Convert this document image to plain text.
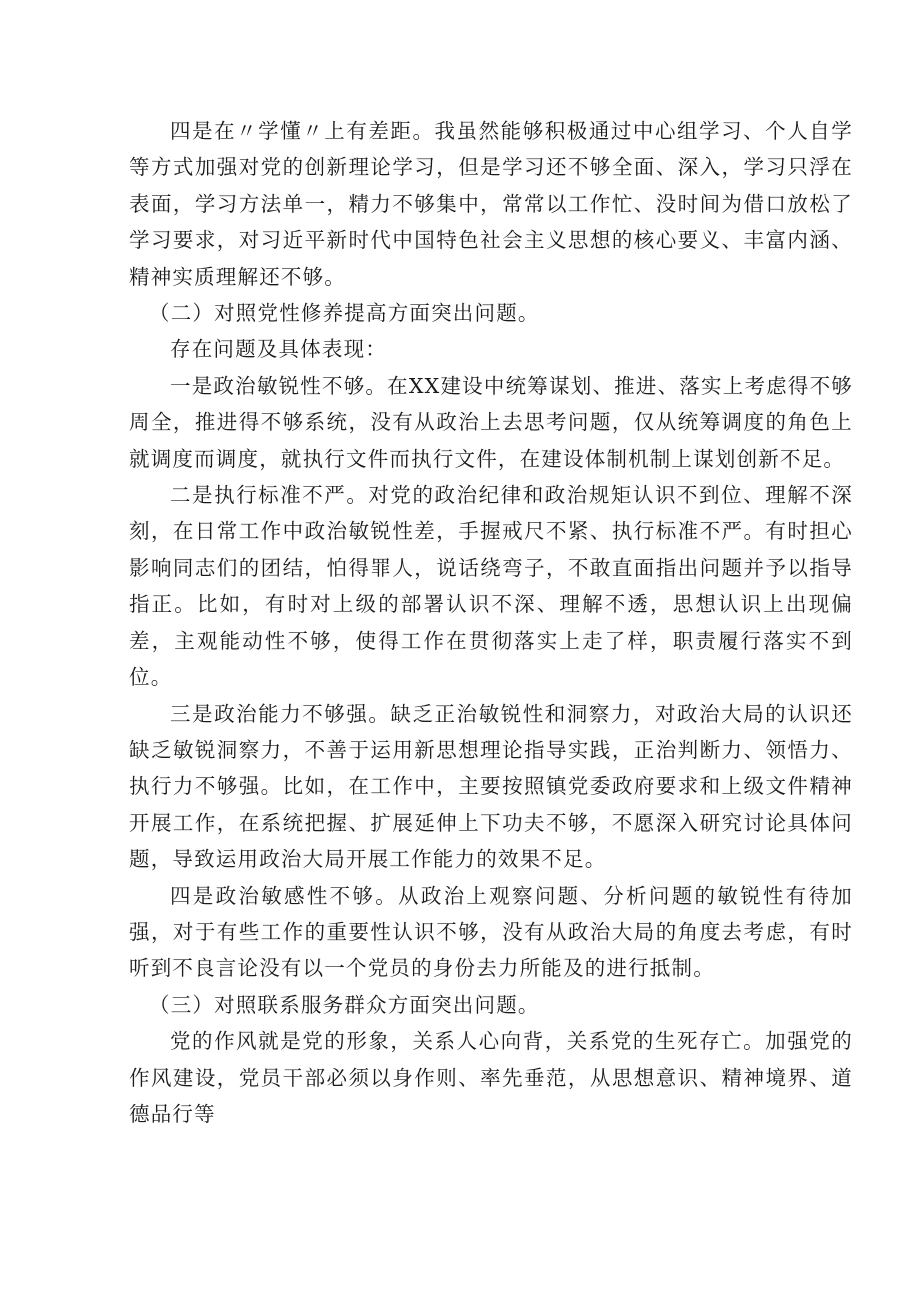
四是在〃学懂〃上有差距。我虽然能够积极通过中心组学习、个人自学等方式加强对党的创新理论学习，但是学习还不够全面、深入，学习只浮在表面，学习方法单一，精力不够集中，常常以工作忙、没时间为借口放松了学习要求，对习近平新时代中国特色社会主义思想的核心要义、丰富内涵、精神实质理解还不够。

（二）对照党性修养提高方面突出问题。

存在问题及具体表现：

一是政治敏锐性不够。在XX建设中统筹谋划、推进、落实上考虑得不够周全，推进得不够系统，没有从政治上去思考问题，仅从统筹调度的角色上就调度而调度，就执行文件而执行文件，在建设体制机制上谋划创新不足。

二是执行标准不严。对党的政治纪律和政治规矩认识不到位、理解不深刻，在日常工作中政治敏锐性差，手握戒尺不紧、执行标准不严。有时担心影响同志们的团结，怕得罪人，说话绕弯子，不敢直面指出问题并予以指导指正。比如，有时对上级的部署认识不深、理解不透，思想认识上出现偏差，主观能动性不够，使得工作在贯彻落实上走了样，职责履行落实不到位。

三是政治能力不够强。缺乏正治敏锐性和洞察力，对政治大局的认识还缺乏敏锐洞察力，不善于运用新思想理论指导实践，正治判断力、领悟力、执行力不够强。比如，在工作中，主要按照镇党委政府要求和上级文件精神开展工作，在系统把握、扩展延伸上下功夫不够，不愿深入研究讨论具体问题，导致运用政治大局开展工作能力的效果不足。

四是政治敏感性不够。从政治上观察问题、分析问题的敏锐性有待加强，对于有些工作的重要性认识不够，没有从政治大局的角度去考虑，有时听到不良言论没有以一个党员的身份去力所能及的进行抵制。

（三）对照联系服务群众方面突出问题。

党的作风就是党的形象，关系人心向背，关系党的生死存亡。加强党的作风建设，党员干部必须以身作则、率先垂范，从思想意识、精神境界、道德品行等
